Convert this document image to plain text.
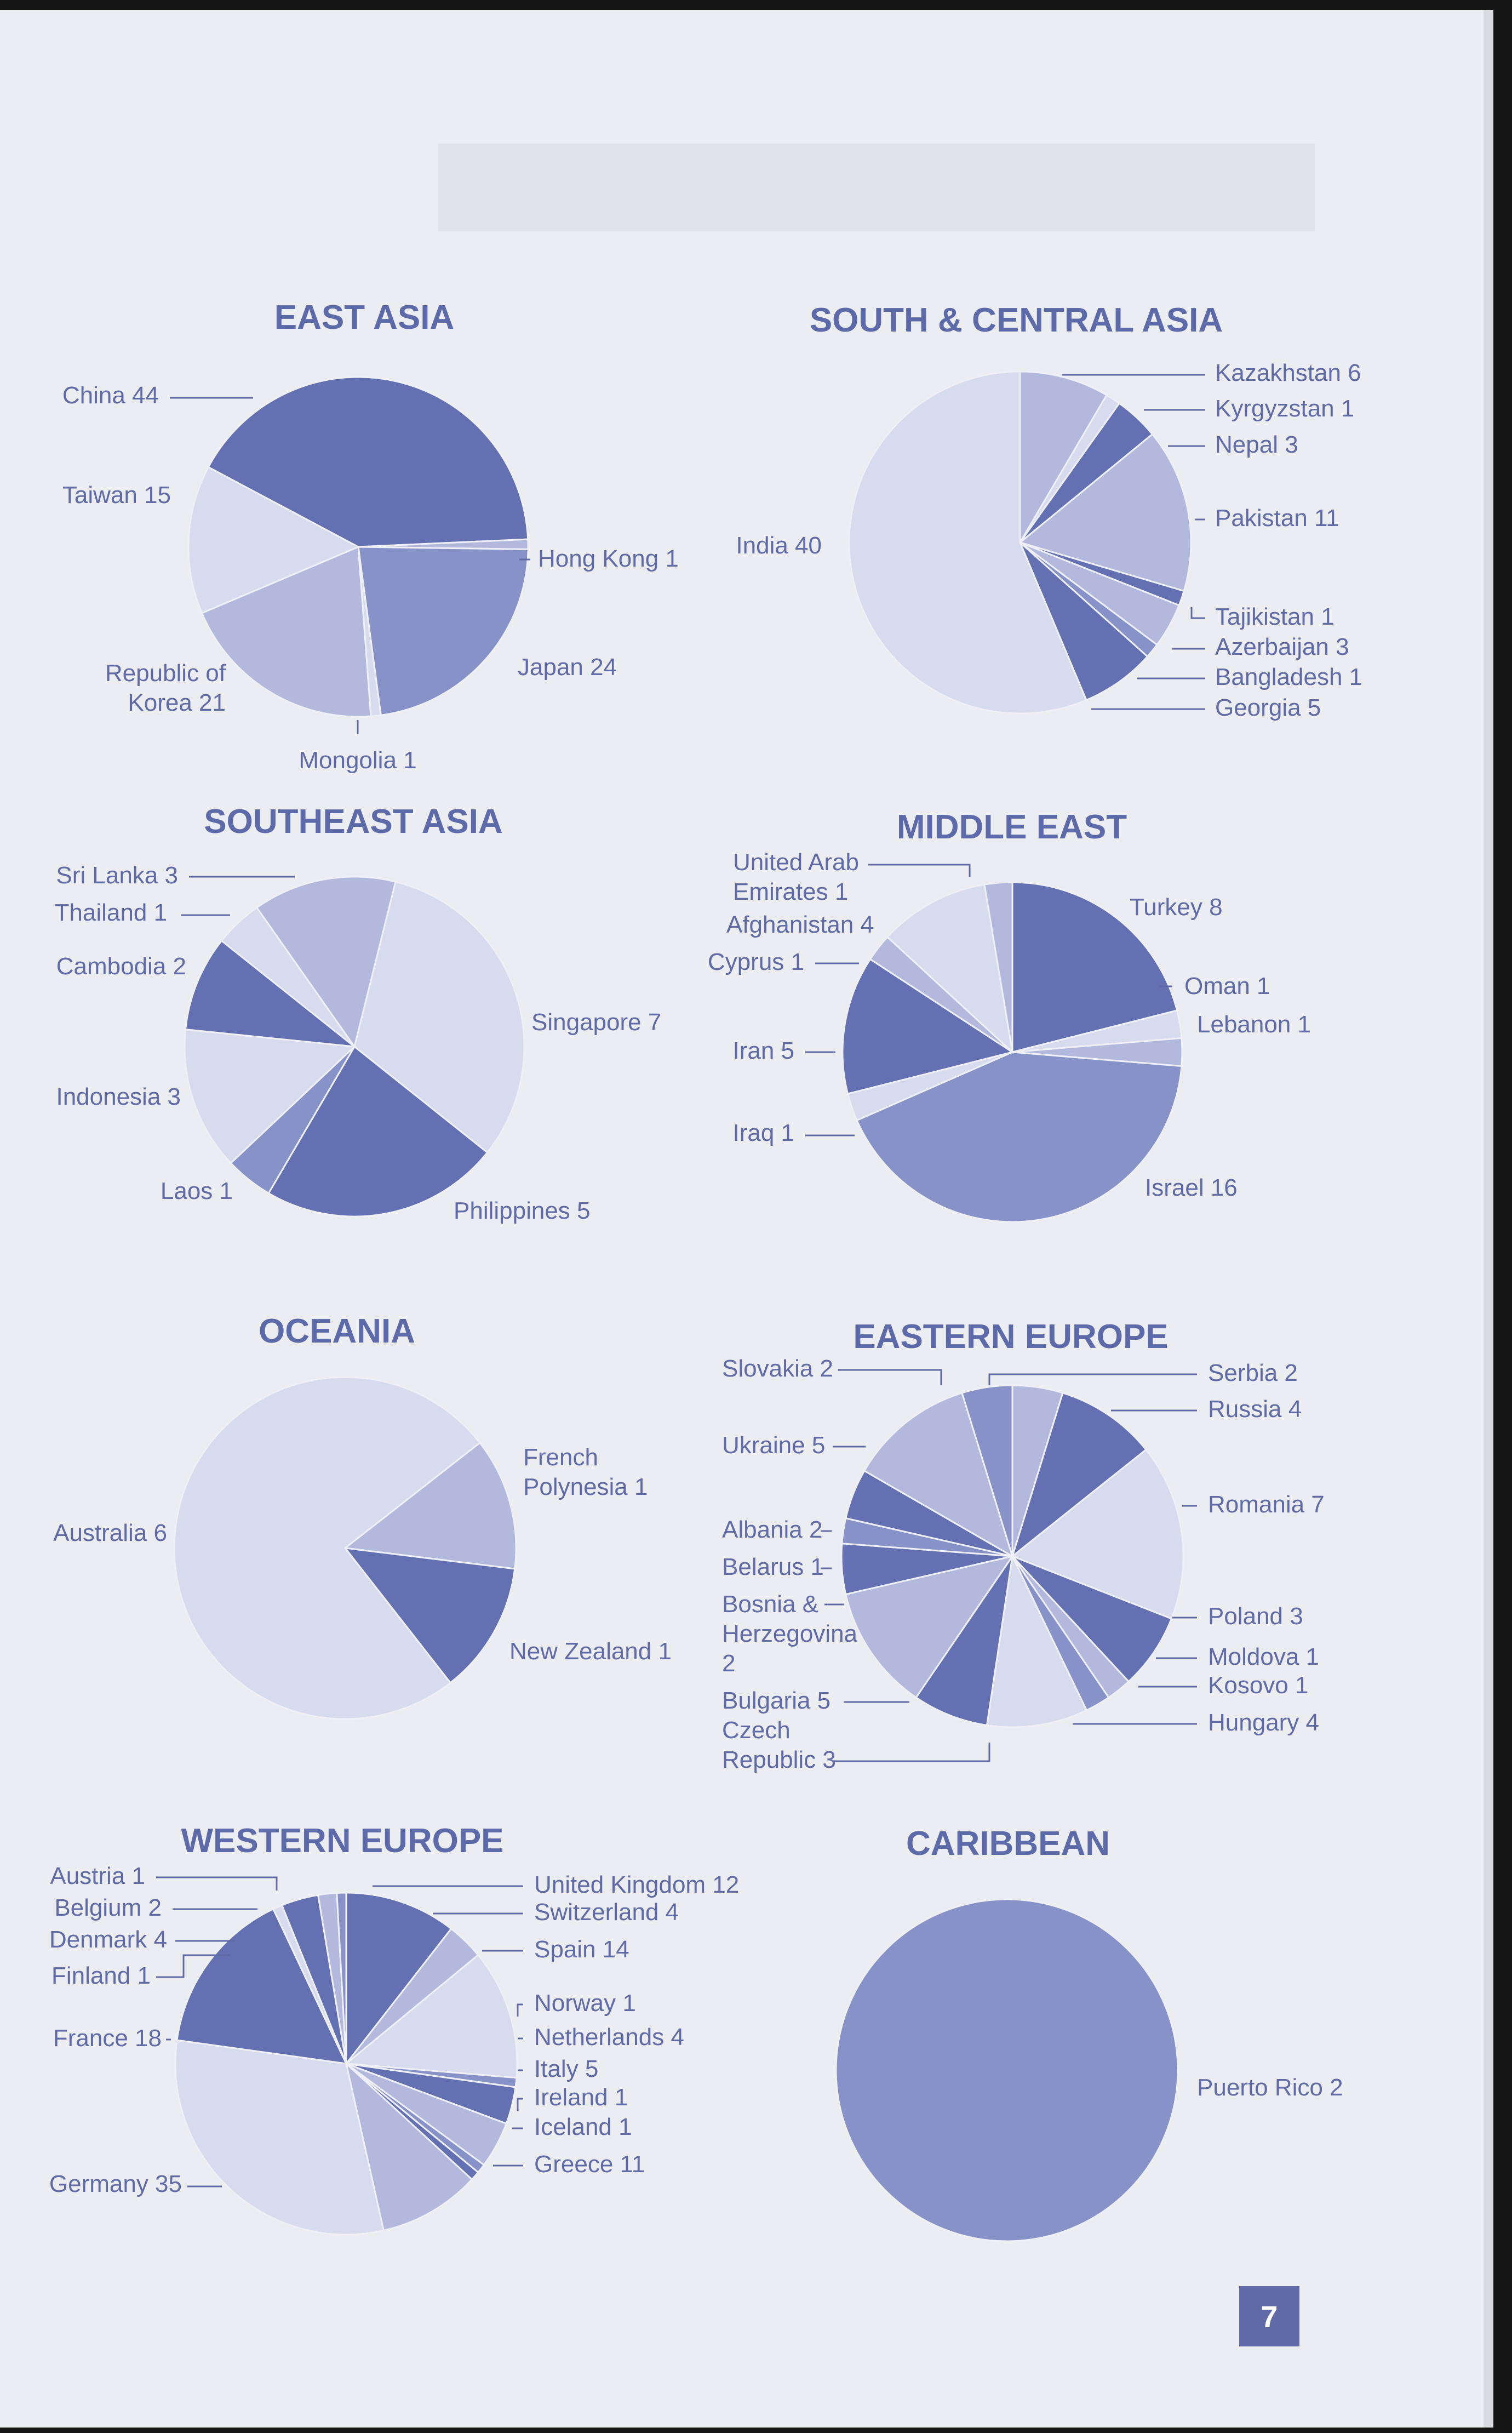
EAST ASIA
China 44
Hong Kong 1
Japan 24
Mongolia 1
Republic of Korea 21
Taiwan 15
SOUTH & CENTRAL ASIA
Kazakhstan 6
Kyrgyzstan 1
Nepal 3
Pakistan 11
Tajikistan 1
Azerbaijan 3
Bangladesh 1
Georgia 5
India 40
SOUTHEAST ASIA
Singapore 7
Philippines 5
Laos 1
Indonesia 3
Cambodia 2
Thailand 1
Sri Lanka 3
MIDDLE EAST
Turkey 8
Oman 1
Lebanon 1
Israel 16
Iraq 1
Iran 5
Cyprus 1
Afghanistan 4
United Arab Emirates 1
OCEANIA
French Polynesia 1
New Zealand 1
Australia 6
EASTERN EUROPE
Serbia 2
Russia 4
Romania 7
Poland 3
Moldova 1
Kosovo 1
Hungary 4
Czech Republic 3
Bulgaria 5
Bosnia & Herzegovina 2
Belarus 1
Albania 2
Ukraine 5
Slovakia 2
WESTERN EUROPE
United Kingdom 12
Switzerland 4
Spain 14
Norway 1
Netherlands 4
Italy 5
Ireland 1
Iceland 1
Greece 11
Germany 35
France 18
Finland 1
Denmark 4
Belgium 2
Austria 1
CARIBBEAN
Puerto Rico 2
7
